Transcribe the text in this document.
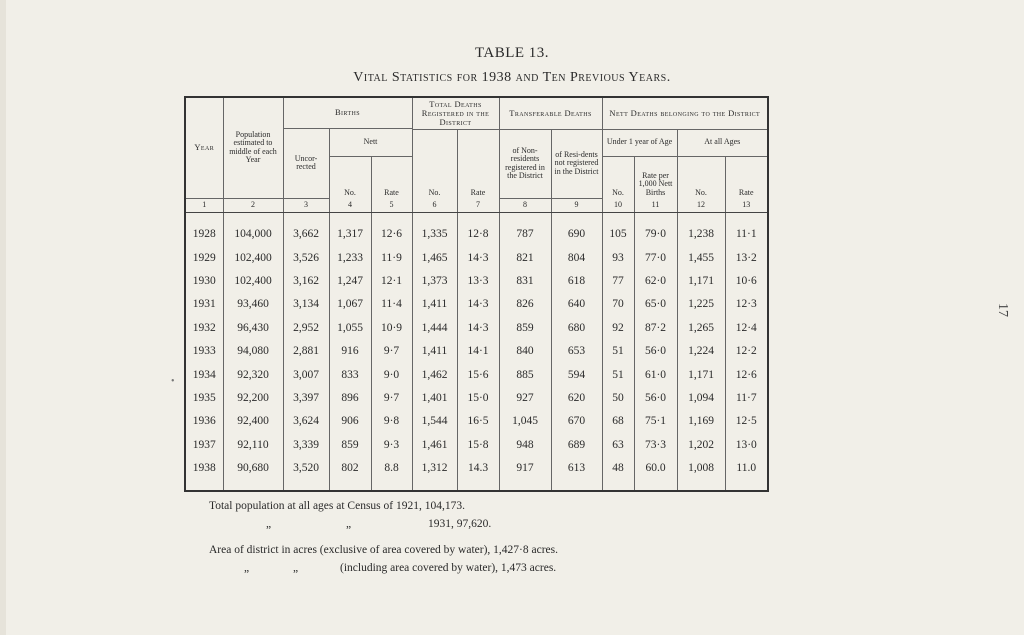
TABLE 13.
Vital Statistics for 1938 and Ten Previous Years.
Year	Population estimated to middle of each Year	Births			Total Deaths Registered in the District		Transferable Deaths		Nett Deaths belonging to the District			
		Uncor-rected	Nett									
					No.	Rate	of Non-residents registered in the District	of Resi-dents not registered in the District	Under 1 year of Age		At all Ages	
			No.	Rate					No.	Rate per 1,000 Nett Births	No.	Rate
1	2	3	4	5	6	7	8	9	10	11	12	13

1928	104,000	3,662	1,317	12·6	1,335	12·8	787	690	105	79·0	1,238	11·1
1929	102,400	3,526	1,233	11·9	1,465	14·3	821	804	93	77·0	1,455	13·2
1930	102,400	3,162	1,247	12·1	1,373	13·3	831	618	77	62·0	1,171	10·6
1931	93,460	3,134	1,067	11·4	1,411	14·3	826	640	70	65·0	1,225	12·3
1932	96,430	2,952	1,055	10·9	1,444	14·3	859	680	92	87·2	1,265	12·4
1933	94,080	2,881	916	9·7	1,411	14·1	840	653	51	56·0	1,224	12·2
1934	92,320	3,007	833	9·0	1,462	15·6	885	594	51	61·0	1,171	12·6
1935	92,200	3,397	896	9·7	1,401	15·0	927	620	50	56·0	1,094	11·7
1936	92,400	3,624	906	9·8	1,544	16·5	1,045	670	68	75·1	1,169	12·5
1937	92,110	3,339	859	9·3	1,461	15·8	948	689	63	73·3	1,202	13·0
1938	90,680	3,520	802	8.8	1,312	14.3	917	613	48	60.0	1,008	11.0

17
•
Total population at all ages at Census of 1921, 104,173.
„	„	1931, 97,620.
Area of district in acres (exclusive of area covered by water), 1,427·8 acres.
„	„	(including area covered by water), 1,473 acres.
